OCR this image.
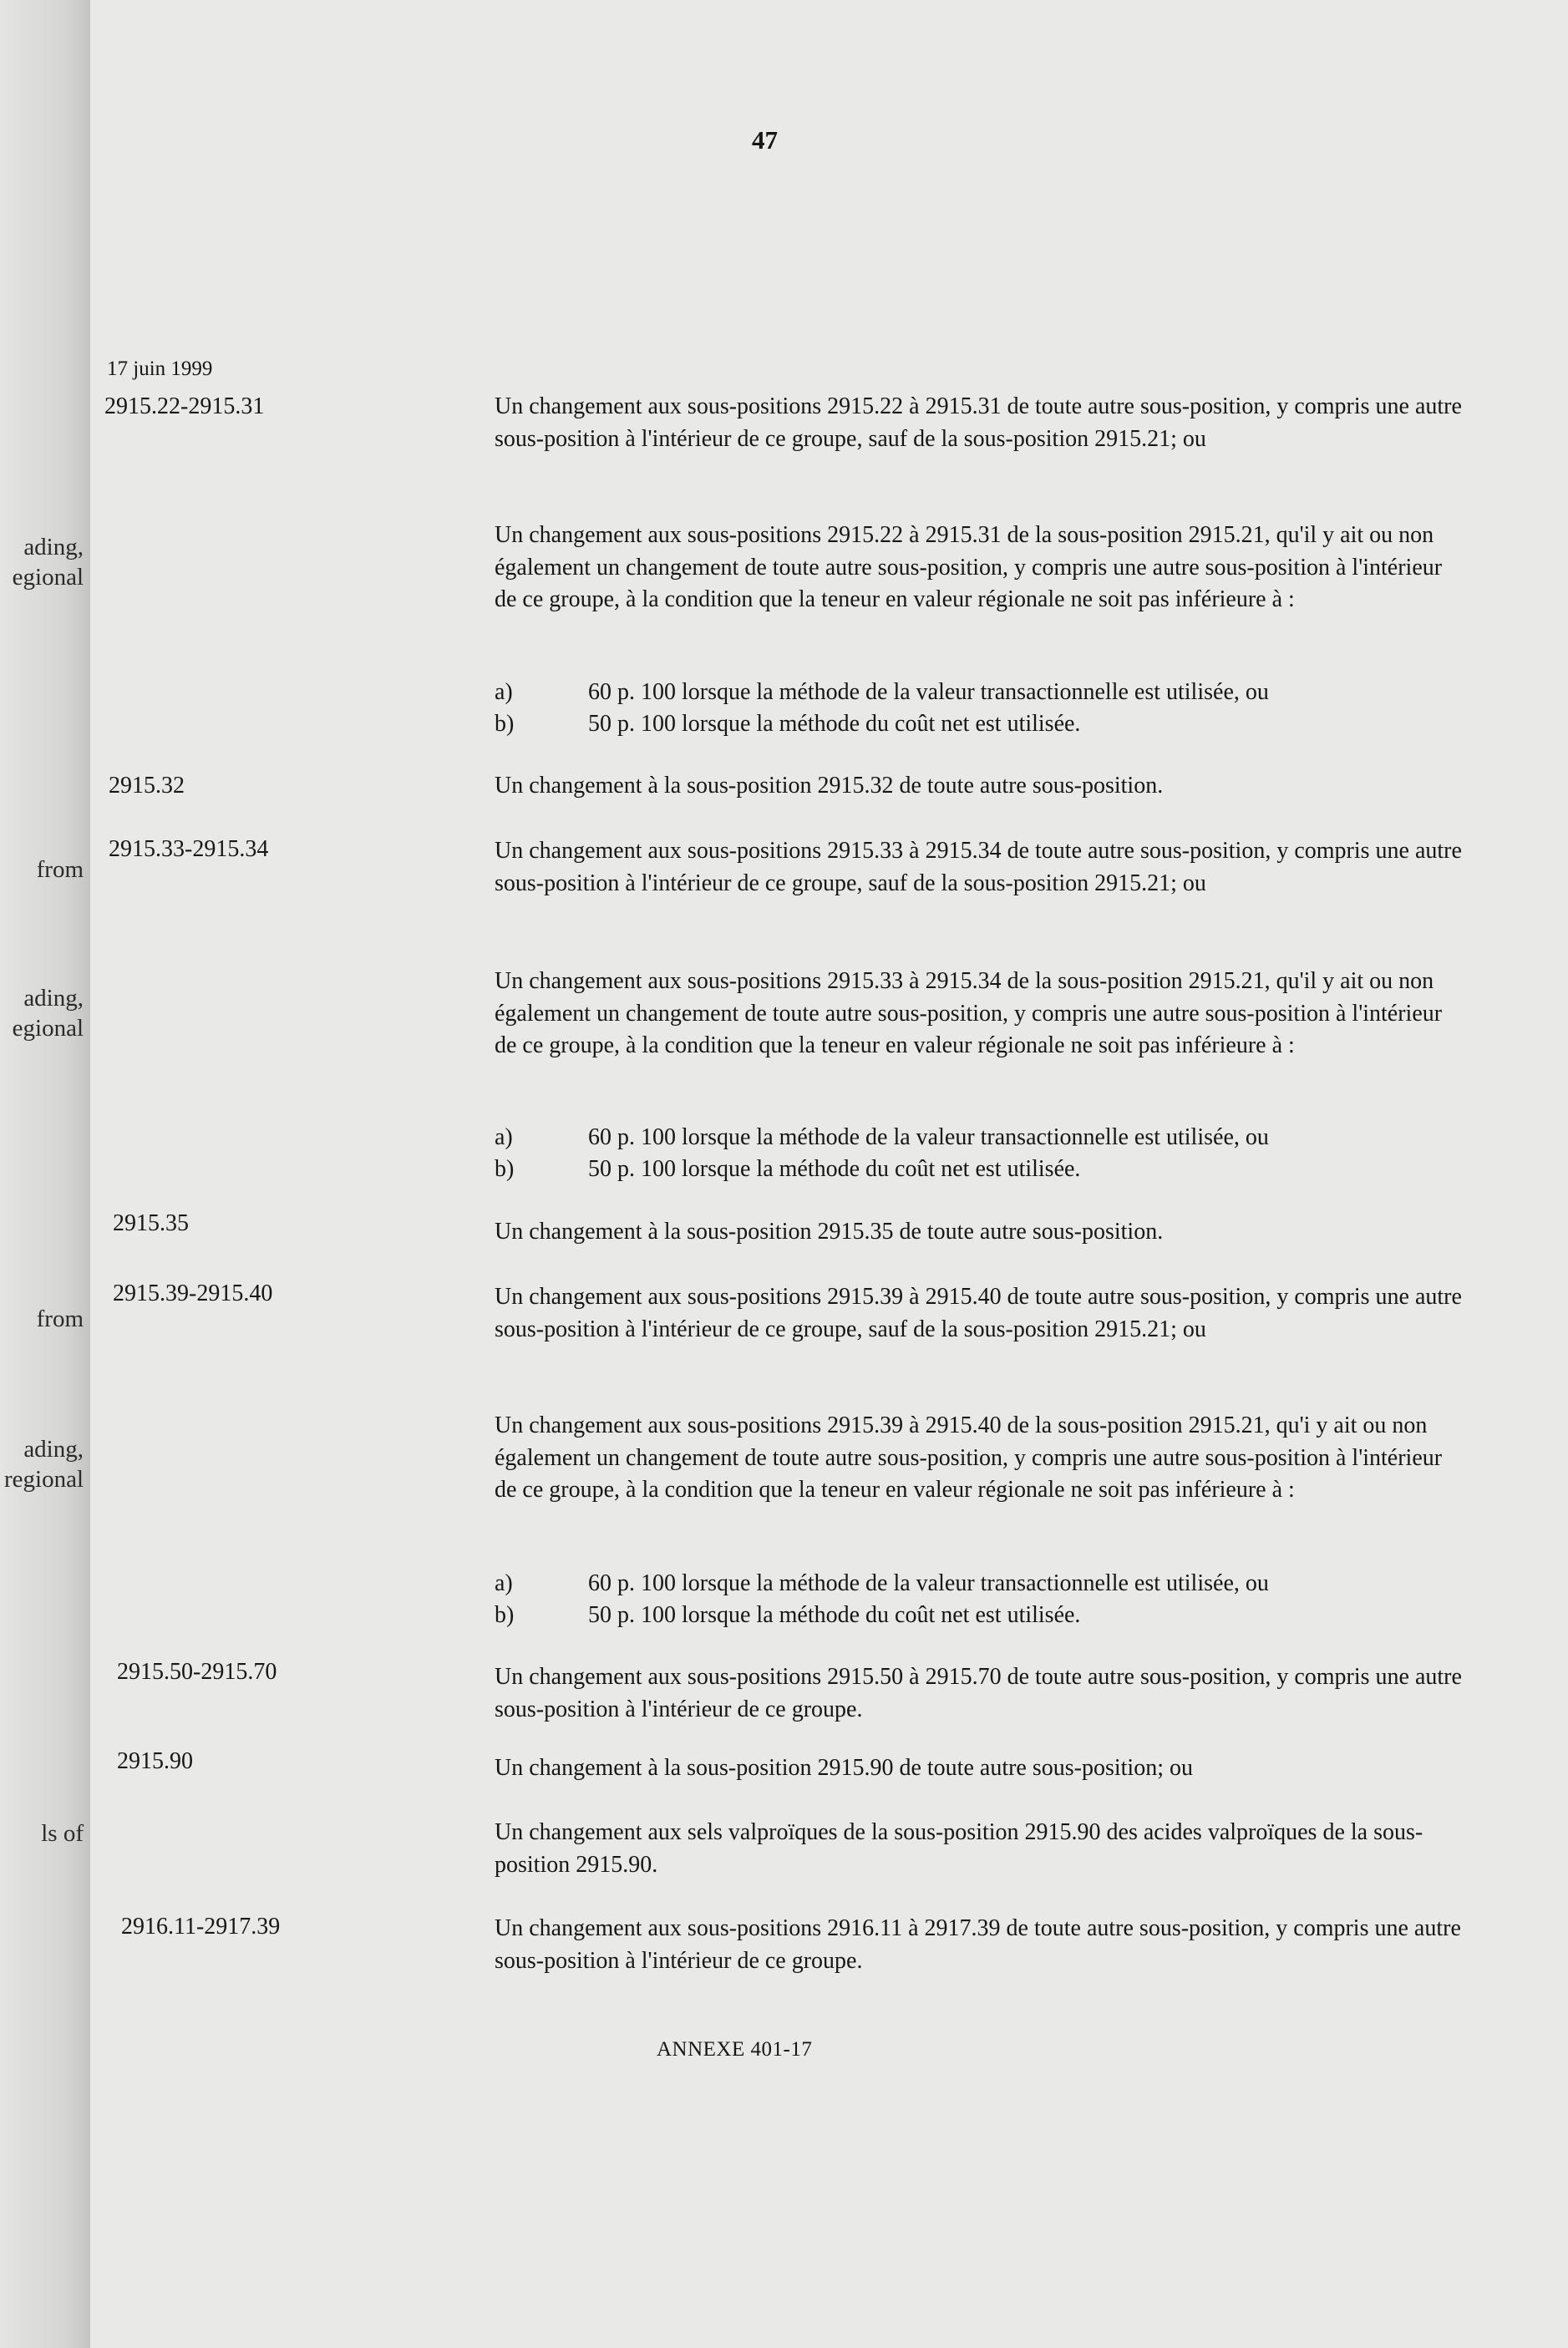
ading,
egional
from
ading,
egional
from
ading,
regional
ls of
47
17 juin 1999
2915.22-2915.31	Un changement aux sous-positions 2915.22 à 2915.31 de toute autre sous-position, y compris une autre sous-position à l'intérieur de ce groupe, sauf de la sous-position 2915.21; ou
Un changement aux sous-positions 2915.22 à 2915.31 de la sous-position 2915.21, qu'il y ait ou non également un changement de toute autre sous-position, y compris une autre sous-position à l'intérieur de ce groupe, à la condition que la teneur en valeur régionale ne soit pas inférieure à :
a)	60 p. 100 lorsque la méthode de la valeur transactionnelle est utilisée, ou
b)	50 p. 100 lorsque la méthode du coût net est utilisée.
2915.32	Un changement à la sous-position 2915.32 de toute autre sous-position.
2915.33-2915.34	Un changement aux sous-positions 2915.33 à 2915.34 de toute autre sous-position, y compris une autre sous-position à l'intérieur de ce groupe, sauf de la sous-position 2915.21; ou
Un changement aux sous-positions 2915.33 à 2915.34 de la sous-position 2915.21, qu'il y ait ou non également un changement de toute autre sous-position, y compris une autre sous-position à l'intérieur de ce groupe, à la condition que la teneur en valeur régionale ne soit pas inférieure à :
a)	60 p. 100 lorsque la méthode de la valeur transactionnelle est utilisée, ou
b)	50 p. 100 lorsque la méthode du coût net est utilisée.
2915.35	Un changement à la sous-position 2915.35 de toute autre sous-position.
2915.39-2915.40	Un changement aux sous-positions 2915.39 à 2915.40 de toute autre sous-position, y compris une autre sous-position à l'intérieur de ce groupe, sauf de la sous-position 2915.21; ou
Un changement aux sous-positions 2915.39 à 2915.40 de la sous-position 2915.21, qu'i y ait ou non également un changement de toute autre sous-position, y compris une autre sous-position à l'intérieur de ce groupe, à la condition que la teneur en valeur régionale ne soit pas inférieure à :
a)	60 p. 100 lorsque la méthode de la valeur transactionnelle est utilisée, ou
b)	50 p. 100 lorsque la méthode du coût net est utilisée.
2915.50-2915.70	Un changement aux sous-positions 2915.50 à 2915.70 de toute autre sous-position, y compris une autre sous-position à l'intérieur de ce groupe.
2915.90	Un changement à la sous-position 2915.90 de toute autre sous-position; ou
Un changement aux sels valproïques de la sous-position 2915.90 des acides valproïques de la sous-position 2915.90.
2916.11-2917.39	Un changement aux sous-positions 2916.11 à 2917.39 de toute autre sous-position, y compris une autre sous-position à l'intérieur de ce groupe.
ANNEXE 401-17
